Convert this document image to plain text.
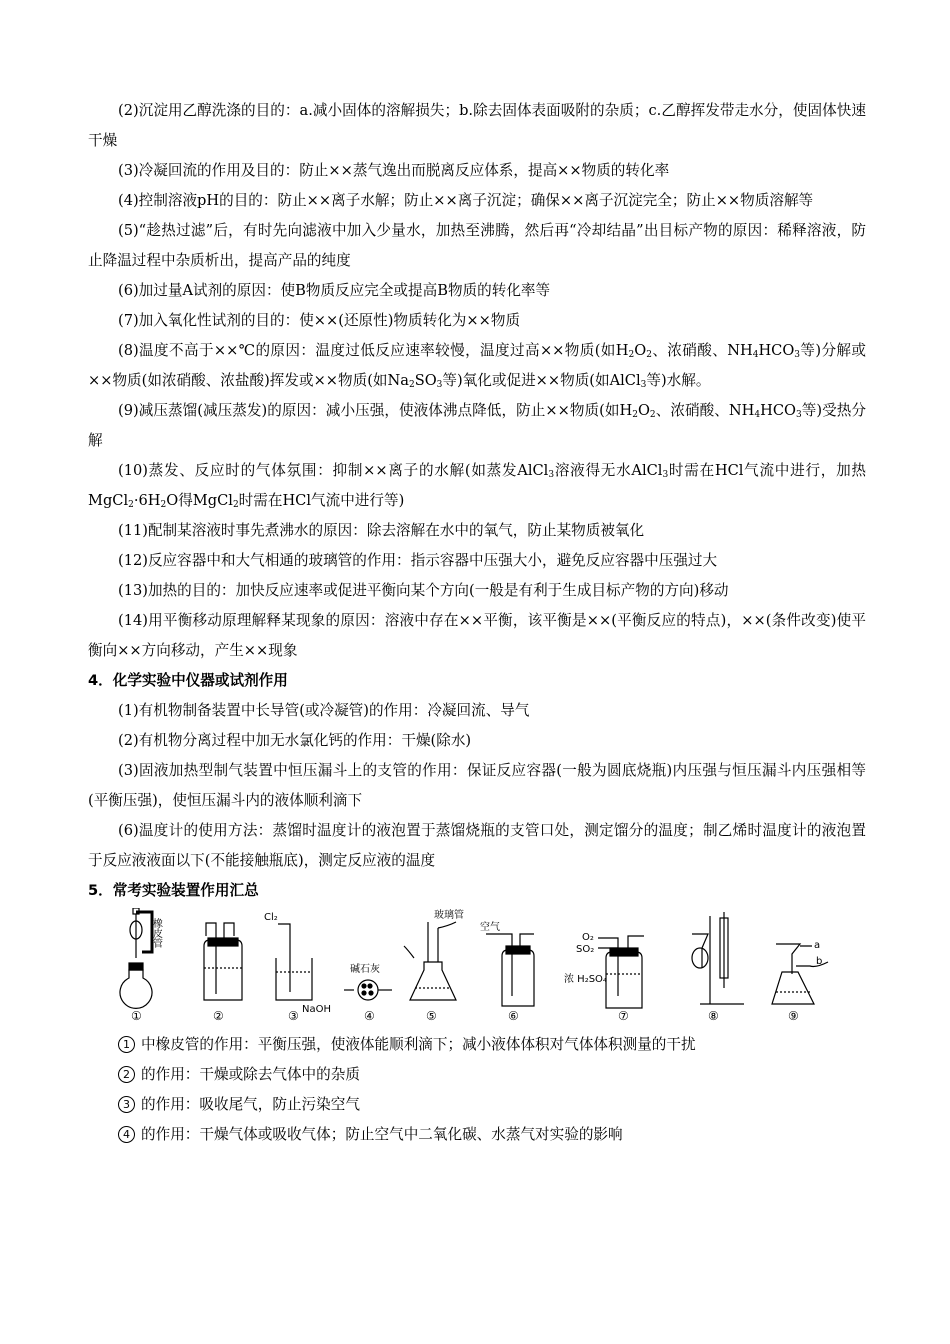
(2)沉淀用乙醇洗涤的目的：a.减小固体的溶解损失；b.除去固体表面吸附的杂质；c.乙醇挥发带走水分，使固体快速干燥

(3)冷凝回流的作用及目的：防止××蒸气逸出而脱离反应体系，提高××物质的转化率

(4)控制溶液pH的目的：防止××离子水解；防止××离子沉淀；确保××离子沉淀完全；防止××物质溶解等

(5)“趁热过滤”后，有时先向滤液中加入少量水，加热至沸腾，然后再“冷却结晶”出目标产物的原因：稀释溶液，防止降温过程中杂质析出，提高产品的纯度

(6)加过量A试剂的原因：使B物质反应完全或提高B物质的转化率等

(7)加入氧化性试剂的目的：使××(还原性)物质转化为××物质

(8)温度不高于××℃的原因：温度过低反应速率较慢，温度过高××物质(如$H_2O_2$、浓硝酸、$NH_4HCO_3$等)分解或××物质(如浓硝酸、浓盐酸)挥发或××物质(如$Na_2SO_3$等)氧化或促进××物质(如AlCl$_3$等)水解。

(9)减压蒸馏(减压蒸发)的原因：减小压强，使液体沸点降低，防止××物质(如$H_2O_2$、浓硝酸、$NH_4HCO_3$等)受热分解

(10)蒸发、反应时的气体氛围：抑制××离子的水解(如蒸发AlCl$_3$溶液得无水AlCl$_3$时需在HCl气流中进行，加热$MgCl_2\cdot 6H_2O$得MgCl$_2$时需在HCl气流中进行等)

(11)配制某溶液时事先煮沸水的原因：除去溶解在水中的氧气，防止某物质被氧化

(12)反应容器中和大气相通的玻璃管的作用：指示容器中压强大小，避免反应容器中压强过大

(13)加热的目的：加快反应速率或促进平衡向某个方向(一般是有利于生成目标产物的方向)移动

(14)用平衡移动原理解释某现象的原因：溶液中存在××平衡，该平衡是××(平衡反应的特点)，××(条件改变)使平衡向××方向移动，产生××现象

4．化学实验中仪器或试剂作用

(1)有机物制备装置中长导管(或冷凝管)的作用：冷凝回流、导气

(2)有机物分离过程中加无水氯化钙的作用：干燥(除水)

(3)固液加热型制气装置中恒压漏斗上的支管的作用：保证反应容器(一般为圆底烧瓶)内压强与恒压漏斗内压强相等(平衡压强)，使恒压漏斗内的液体顺利滴下

(6)温度计的使用方法：蒸馏时温度计的液泡置于蒸馏烧瓶的支管口处，测定馏分的温度；制乙烯时温度计的液泡置于反应液液面以下(不能接触瓶底)，测定反应液的温度

5．常考实验装置作用汇总

橡皮管
①	②
Cl₂
NaOH
③
碱石灰
④
玻璃管
⑤
空气
⑥
O₂
SO₂
浓 H₂SO₄
⑦	⑧
a
b
⑨

1 中橡皮管的作用：平衡压强，使液体能顺利滴下；减小液体体积对气体体积测量的干扰

2 的作用：干燥或除去气体中的杂质

3 的作用：吸收尾气，防止污染空气

4 的作用：干燥气体或吸收气体；防止空气中二氧化碳、水蒸气对实验的影响
